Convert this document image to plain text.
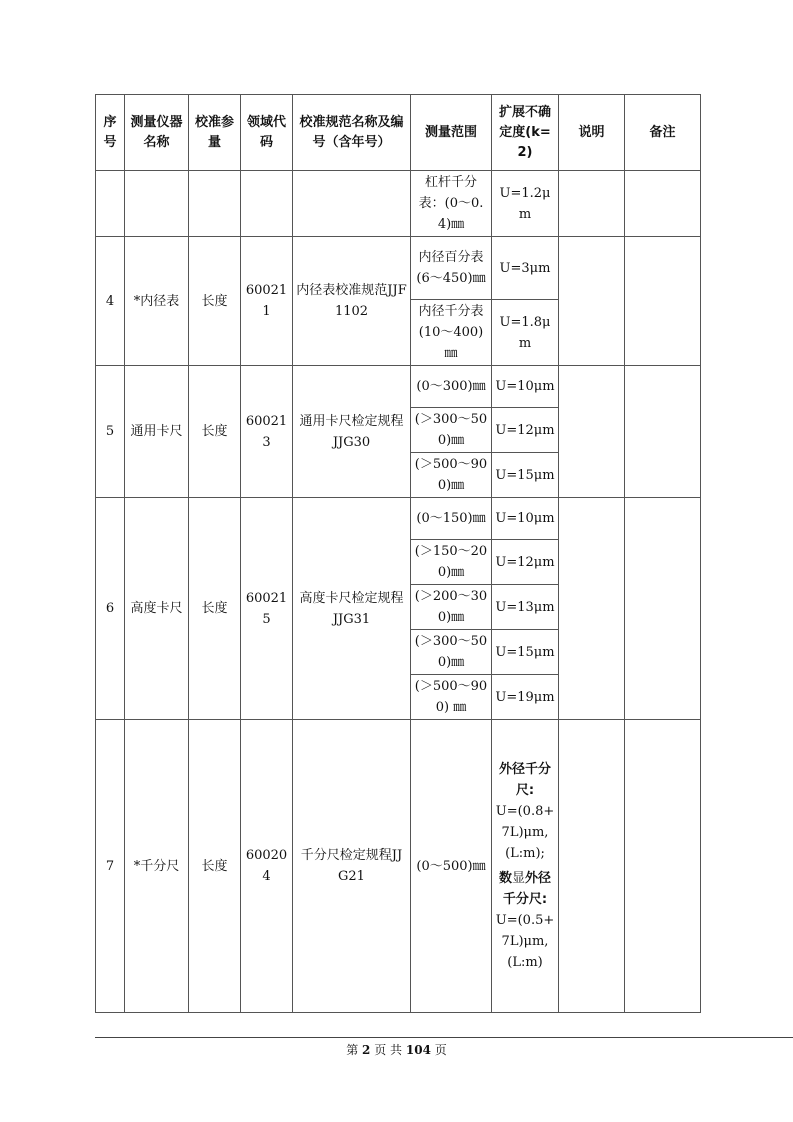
序号	测量仪器名称	校准参量	领域代码	校准规范名称及编号（含年号）	测量范围	扩展不确定度(k=2)	说明	备注
					杠杆千分表：(0～0.4)㎜	U=1.2μm		
4	*内径表	长度	600211	内径表校准规范JJF1102	内径百分表 (6～450)㎜	U=3μm		
					内径千分表 (10～400) ㎜	U=1.8μm		
5	通用卡尺	长度	600213	通用卡尺检定规程 JJG30	(0～300)㎜	U=10μm		
					(＞300～500)㎜	U=12μm		
					(＞500～900)㎜	U=15μm		
6	高度卡尺	长度	600215	高度卡尺检定规程 JJG31	(0～150)㎜	U=10μm		
					(＞150～200)㎜	U=12μm		
					(＞200～300)㎜	U=13μm		
					(＞300～500)㎜	U=15μm		
					(＞500～900) ㎜	U=19μm		
7	*千分尺	长度	600204	千分尺检定规程JJG21	(0～500)㎜	外径千分尺:
U=(0.8+7L)μm,(L:m);
数显外径千分尺:
U=(0.5+7L)μm,(L:m)		

第 2 页 共 104 页
